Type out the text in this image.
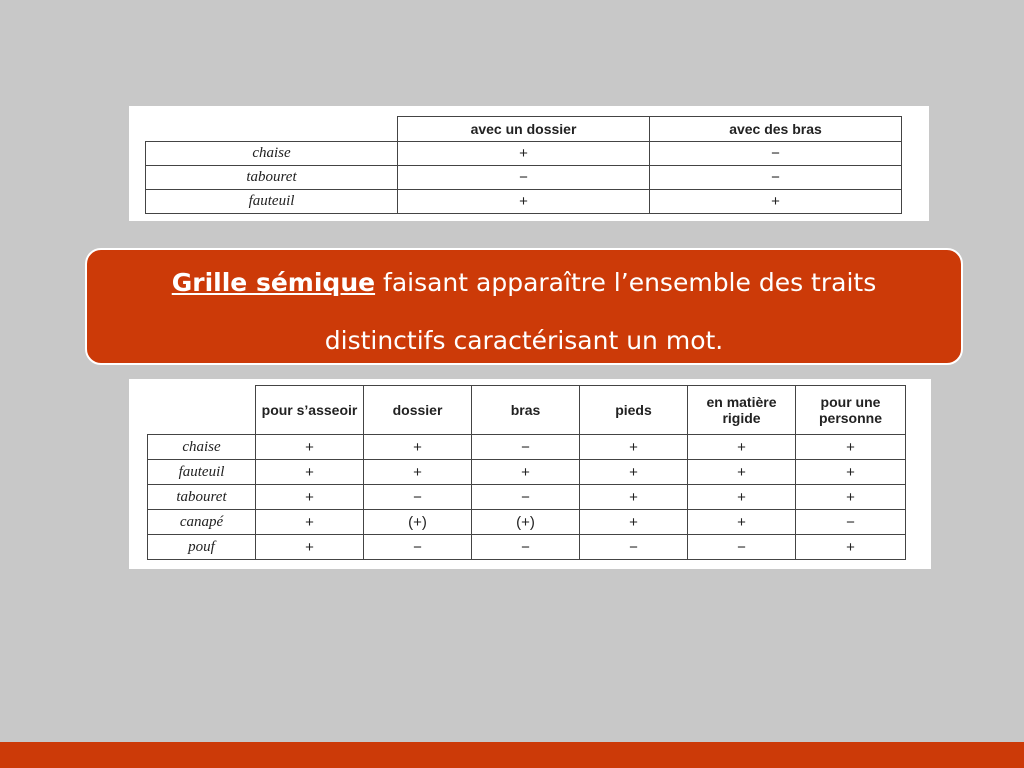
	avec un dossier	avec des bras
chaise	+	−
tabouret	−	−
fauteuil	+	+
Grille sémique faisant apparaître l’ensemble des traits
distinctifs caractérisant un mot.
	pour s’asseoir	dossier	bras	pieds	en matière rigide	pour une personne
chaise	+	+	−	+	+	+
fauteuil	+	+	+	+	+	+
tabouret	+	−	−	+	+	+
canapé	+	(+)	(+)	+	+	−
pouf	+	−	−	−	−	+
